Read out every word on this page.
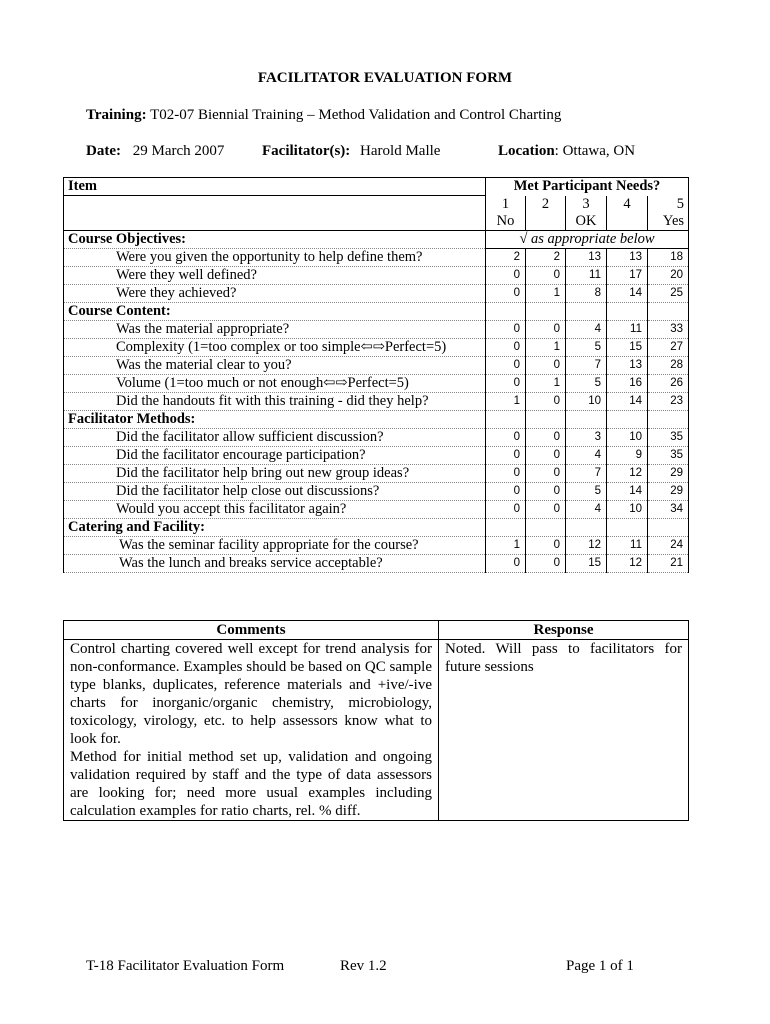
FACILITATOR EVALUATION FORM
Training: T02-07 Biennial Training – Method Validation and Control Charting
Date: 29 March 2007	Facilitator(s): Harold Malle	Location: Ottawa, ON
Item	Met Participant Needs?				
	1	2	3	4	5
	No		OK		Yes
Course Objectives:	√ as appropriate below				
Were you given the opportunity to help define them?	2	2	13	13	18
Were they well defined?	0	0	11	17	20
Were they achieved?	0	1	8	14	25
Course Content:					
Was the material appropriate?	0	0	4	11	33
Complexity (1=too complex or too simple⇦⇨Perfect=5)	0	1	5	15	27
Was the material clear to you?	0	0	7	13	28
Volume (1=too much or not enough⇦⇨Perfect=5)	0	1	5	16	26
Did the handouts fit with this training - did they help?	1	0	10	14	23
Facilitator Methods:					
Did the facilitator allow sufficient discussion?	0	0	3	10	35
Did the facilitator encourage participation?	0	0	4	9	35
Did the facilitator help bring out new group ideas?	0	0	7	12	29
Did the facilitator help close out discussions?	0	0	5	14	29
Would you accept this facilitator again?	0	0	4	10	34
Catering and Facility:					
Was the seminar facility appropriate for the course?	1	0	12	11	24
Was the lunch and breaks service acceptable?	0	0	15	12	21
Comments	Response

Control charting covered well except for trend analysis for non-conformance. Examples should be based on QC sample type blanks, duplicates, reference materials and +ive/-ive charts for inorganic/organic chemistry, microbiology, toxicology, virology, etc. to help assessors know what to look for.
Method for initial method set up, validation and ongoing validation required by staff and the type of data assessors are looking for; need more usual examples including calculation examples for ratio charts, rel. % diff.	Noted. Will pass to facilitators for future sessions
T-18 Facilitator Evaluation Form	Rev 1.2	Page 1 of 1
